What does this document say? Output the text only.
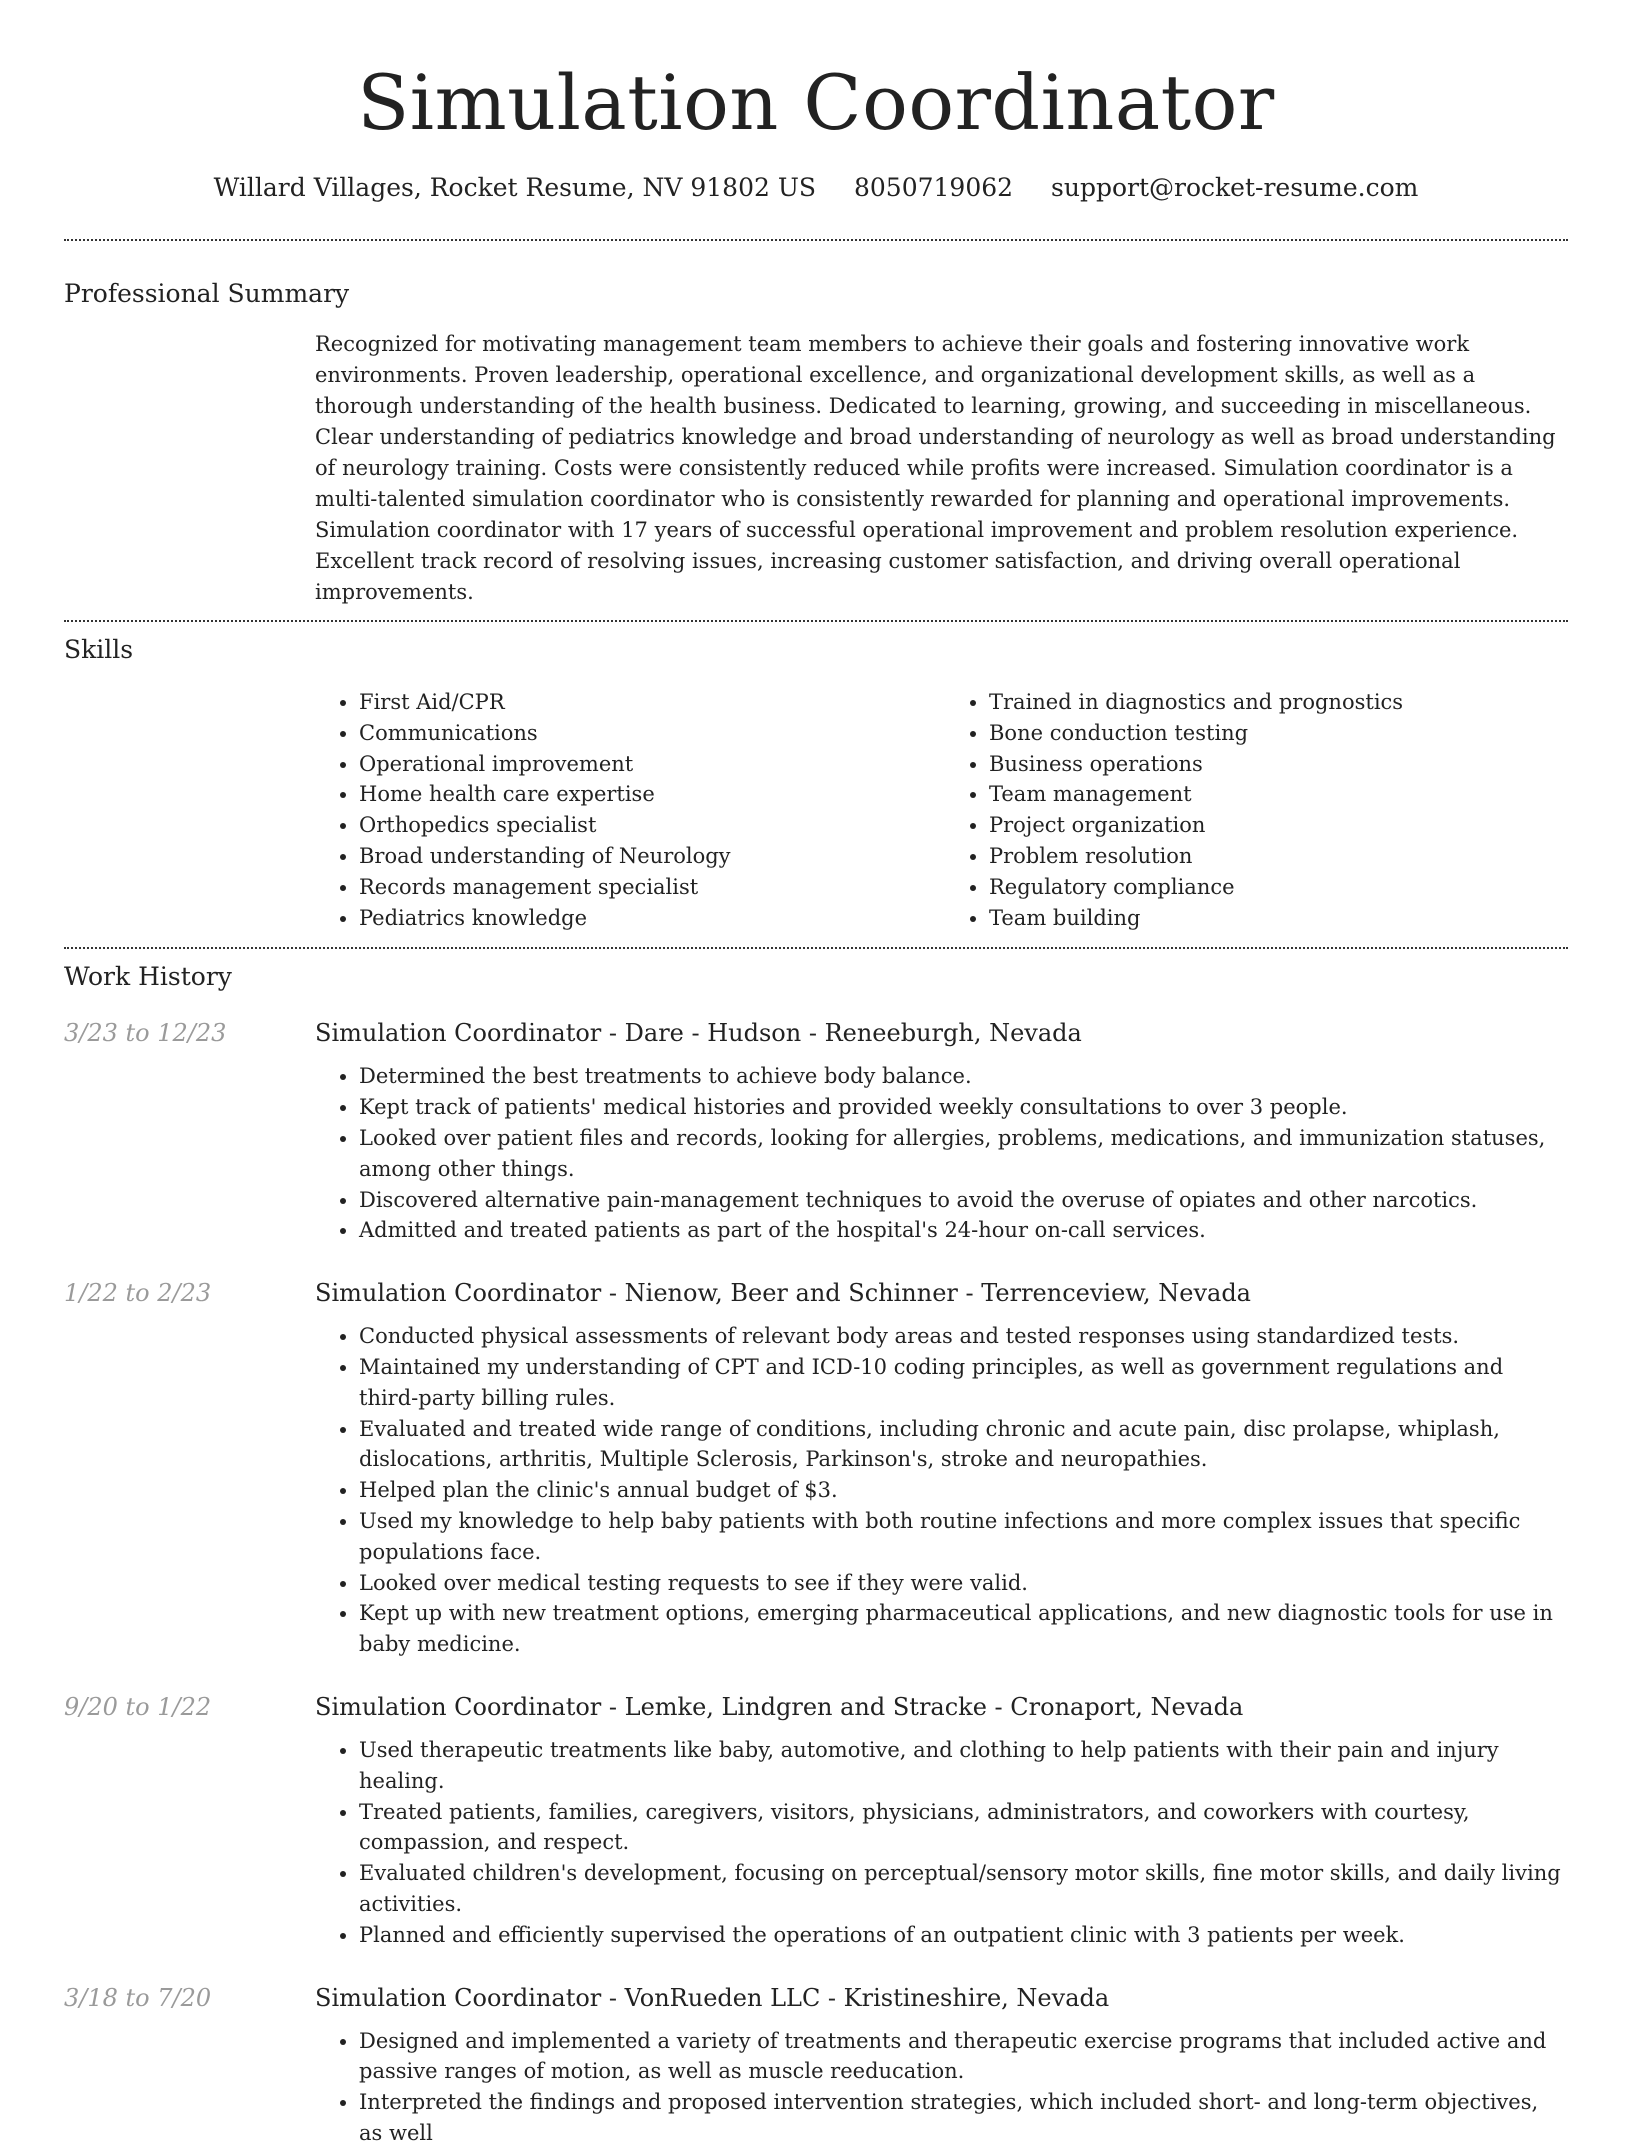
Simulation Coordinator
Willard Villages, Rocket Resume, NV 91802 US 8050719062 support@rocket-resume.com
Professional Summary

Recognized for motivating management team members to achieve their goals and fostering innovative work environments. Proven leadership, operational excellence, and organizational development skills, as well as a thorough understanding of the health business. Dedicated to learning, growing, and succeeding in miscellaneous. Clear understanding of pediatrics knowledge and broad understanding of neurology as well as broad understanding of neurology training. Costs were consistently reduced while profits were increased. Simulation coordinator is a multi-talented simulation coordinator who is consistently rewarded for planning and operational improvements. Simulation coordinator with 17 years of successful operational improvement and problem resolution experience. Excellent track record of resolving issues, increasing customer satisfaction, and driving overall operational improvements.

Skills
• First Aid/CPR
• Communications
• Operational improvement
• Home health care expertise
• Orthopedics specialist
• Broad understanding of Neurology
• Records management specialist
• Pediatrics knowledge
• Trained in diagnostics and prognostics
• Bone conduction testing
• Business operations
• Team management
• Project organization
• Problem resolution
• Regulatory compliance
• Team building
Work History
3/23 to 12/23	Simulation Coordinator - Dare - Hudson - Reneeburgh, Nevada
• Determined the best treatments to achieve body balance.
• Kept track of patients' medical histories and provided weekly consultations to over 3 people.
• Looked over patient files and records, looking for allergies, problems, medications, and immunization statuses, among other things.
• Discovered alternative pain-management techniques to avoid the overuse of opiates and other narcotics.
• Admitted and treated patients as part of the hospital's 24-hour on-call services.
1/22 to 2/23	Simulation Coordinator - Nienow, Beer and Schinner - Terrenceview, Nevada
• Conducted physical assessments of relevant body areas and tested responses using standardized tests.
• Maintained my understanding of CPT and ICD-10 coding principles, as well as government regulations and third-party billing rules.
• Evaluated and treated wide range of conditions, including chronic and acute pain, disc prolapse, whiplash, dislocations, arthritis, Multiple Sclerosis, Parkinson's, stroke and neuropathies.
• Helped plan the clinic's annual budget of $3.
• Used my knowledge to help baby patients with both routine infections and more complex issues that specific populations face.
• Looked over medical testing requests to see if they were valid.
• Kept up with new treatment options, emerging pharmaceutical applications, and new diagnostic tools for use in baby medicine.
9/20 to 1/22	Simulation Coordinator - Lemke, Lindgren and Stracke - Cronaport, Nevada
• Used therapeutic treatments like baby, automotive, and clothing to help patients with their pain and injury healing.
• Treated patients, families, caregivers, visitors, physicians, administrators, and coworkers with courtesy, compassion, and respect.
• Evaluated children's development, focusing on perceptual/sensory motor skills, fine motor skills, and daily living activities.
• Planned and efficiently supervised the operations of an outpatient clinic with 3 patients per week.
3/18 to 7/20	Simulation Coordinator - VonRueden LLC - Kristineshire, Nevada
• Designed and implemented a variety of treatments and therapeutic exercise programs that included active and passive ranges of motion, as well as muscle reeducation.
• Interpreted the findings and proposed intervention strategies, which included short- and long-term objectives, as well
